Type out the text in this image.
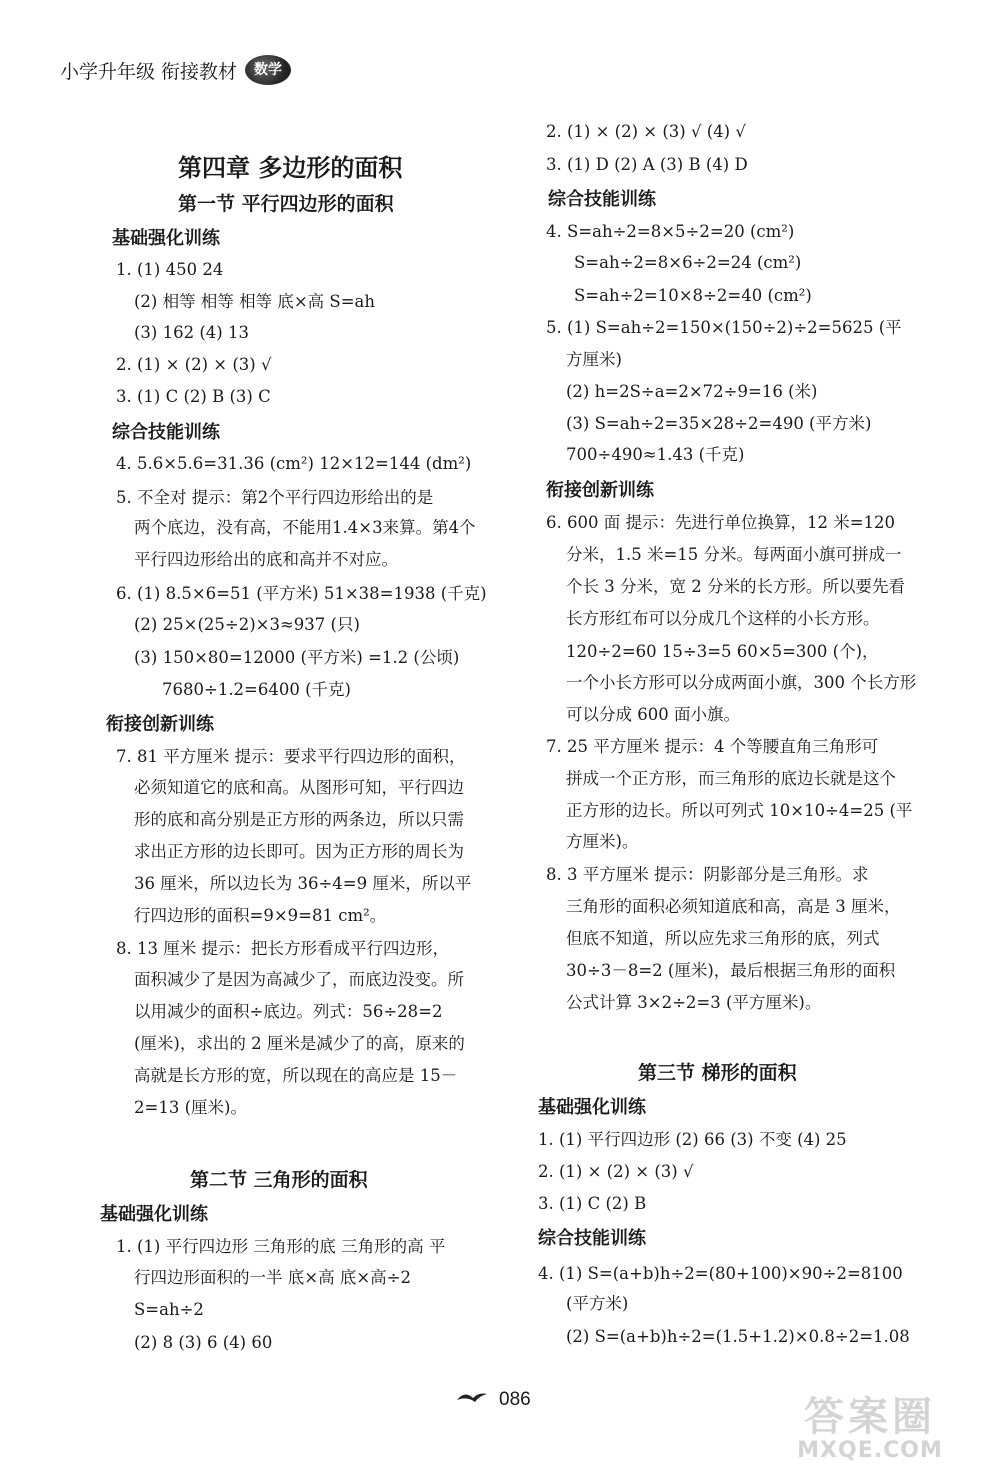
小学升年级 衔接教材	数学
第四章 多边形的面积
第一节 平行四边形的面积
基础强化训练
1. (1) 450 24
(2) 相等 相等 相等 底×高 S=ah
(3) 162 (4) 13
2. (1) × (2) × (3) √
3. (1) C (2) B (3) C
综合技能训练
4. 5.6×5.6=31.36 (cm²) 12×12=144 (dm²)
5. 不全对 提示：第2个平行四边形给出的是
两个底边，没有高，不能用1.4×3来算。第4个
平行四边形给出的底和高并不对应。
6. (1) 8.5×6=51 (平方米) 51×38=1938 (千克)
(2) 25×(25÷2)×3≈937 (只)
(3) 150×80=12000 (平方米) =1.2 (公顷)
7680÷1.2=6400 (千克)
衔接创新训练
7. 81 平方厘米 提示：要求平行四边形的面积，
必须知道它的底和高。从图形可知，平行四边
形的底和高分别是正方形的两条边，所以只需
求出正方形的边长即可。因为正方形的周长为
36 厘米，所以边长为 36÷4=9 厘米，所以平
行四边形的面积=9×9=81 cm²。
8. 13 厘米 提示：把长方形看成平行四边形，
面积减少了是因为高减少了，而底边没变。所
以用减少的面积÷底边。列式：56÷28=2
(厘米)，求出的 2 厘米是减少了的高，原来的
高就是长方形的宽，所以现在的高应是 15－
2=13 (厘米)。
第二节 三角形的面积
基础强化训练
1. (1) 平行四边形 三角形的底 三角形的高 平
行四边形面积的一半 底×高 底×高÷2
S=ah÷2
(2) 8 (3) 6 (4) 60
2. (1) × (2) × (3) √ (4) √
3. (1) D (2) A (3) B (4) D
综合技能训练
4. S=ah÷2=8×5÷2=20 (cm²)
S=ah÷2=8×6÷2=24 (cm²)
S=ah÷2=10×8÷2=40 (cm²)
5. (1) S=ah÷2=150×(150÷2)÷2=5625 (平
方厘米)
(2) h=2S÷a=2×72÷9=16 (米)
(3) S=ah÷2=35×28÷2=490 (平方米)
700÷490≈1.43 (千克)
衔接创新训练
6. 600 面 提示：先进行单位换算，12 米=120
分米，1.5 米=15 分米。每两面小旗可拼成一
个长 3 分米，宽 2 分米的长方形。所以要先看
长方形红布可以分成几个这样的小长方形。
120÷2=60 15÷3=5 60×5=300 (个)，
一个小长方形可以分成两面小旗，300 个长方形
可以分成 600 面小旗。
7. 25 平方厘米 提示：4 个等腰直角三角形可
拼成一个正方形，而三角形的底边长就是这个
正方形的边长。所以可列式 10×10÷4=25 (平
方厘米)。
8. 3 平方厘米 提示：阴影部分是三角形。求
三角形的面积必须知道底和高，高是 3 厘米，
但底不知道，所以应先求三角形的底，列式
30÷3－8=2 (厘米)，最后根据三角形的面积
公式计算 3×2÷2=3 (平方厘米)。
第三节 梯形的面积
基础强化训练
1. (1) 平行四边形 (2) 66 (3) 不变 (4) 25
2. (1) × (2) × (3) √
3. (1) C (2) B
综合技能训练
4. (1) S=(a+b)h÷2=(80+100)×90÷2=8100
(平方米)
(2) S=(a+b)h÷2=(1.5+1.2)×0.8÷2=1.08
086	答案圈
MXQE.COM
